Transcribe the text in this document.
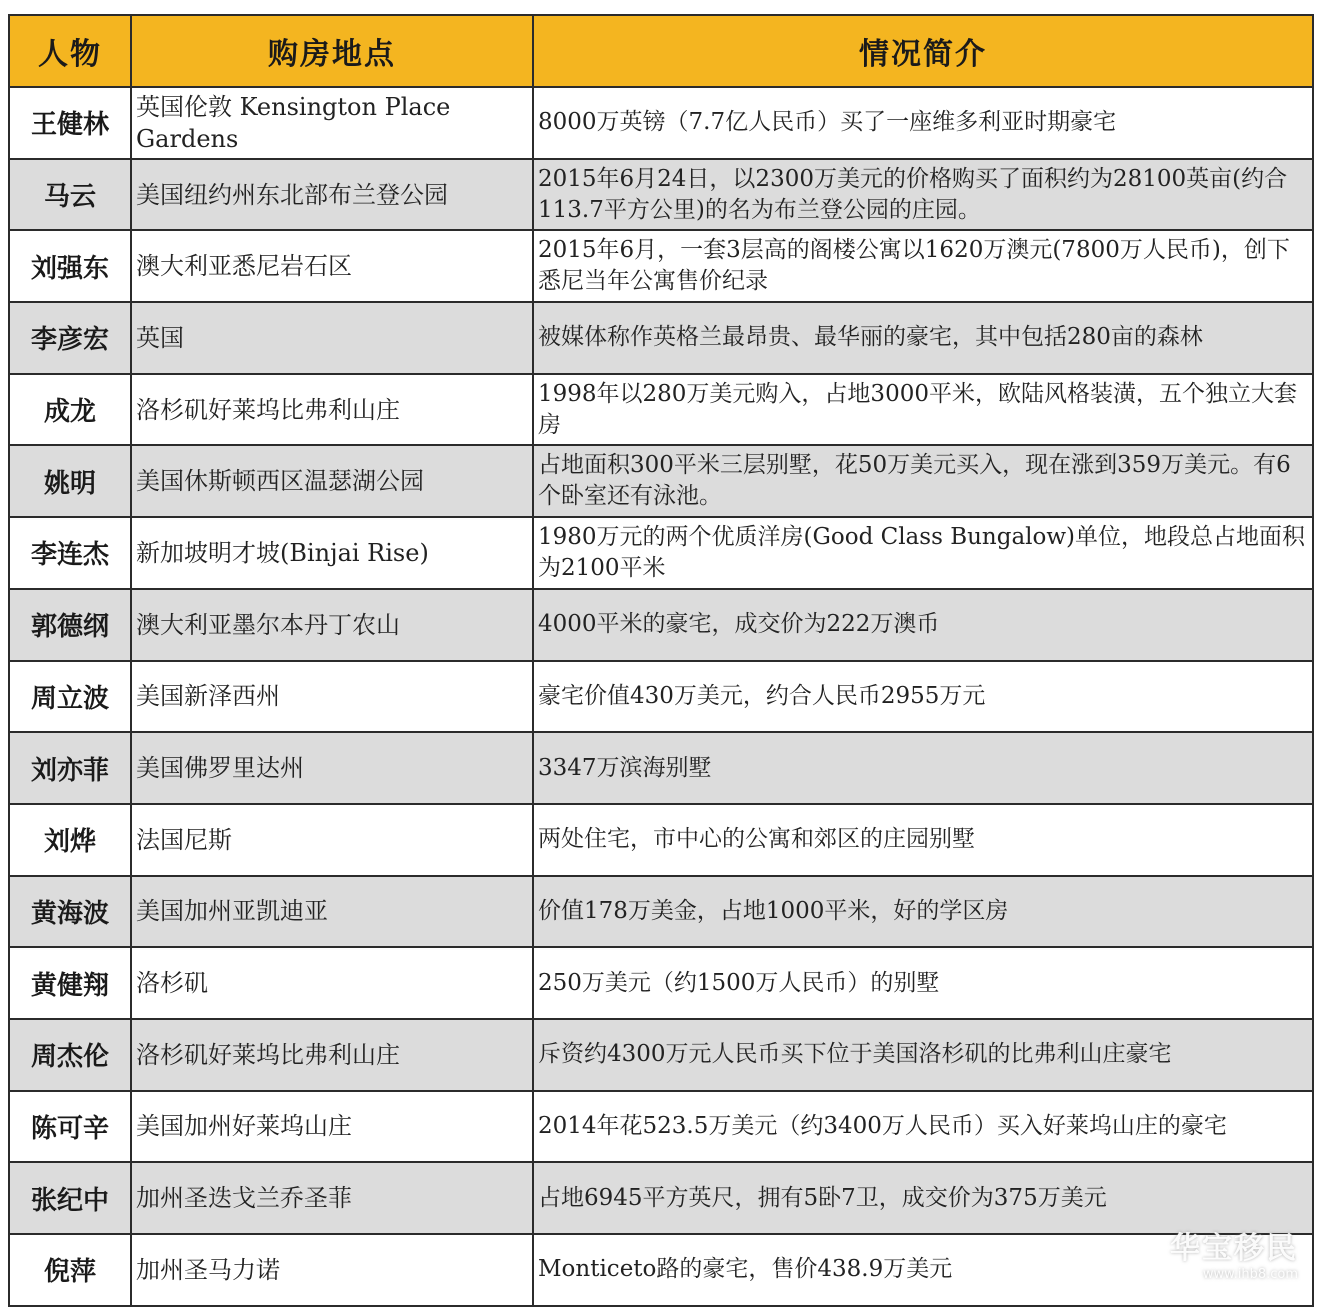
人物	购房地点	情况简介
王健林	英国伦敦 Kensington Place Gardens	8000万英镑（7.7亿人民币）买了一座维多利亚时期豪宅
马云	美国纽约州东北部布兰登公园	2015年6月24日，以2300万美元的价格购买了面积约为28100英亩(约合113.7平方公里)的名为布兰登公园的庄园。
刘强东	澳大利亚悉尼岩石区	2015年6月，一套3层高的阁楼公寓以1620万澳元(7800万人民币)，创下悉尼当年公寓售价纪录
李彦宏	英国	被媒体称作英格兰最昂贵、最华丽的豪宅，其中包括280亩的森林
成龙	洛杉矶好莱坞比弗利山庄	1998年以280万美元购入，占地3000平米，欧陆风格装潢，五个独立大套房
姚明	美国休斯顿西区温瑟湖公园	占地面积300平米三层别墅，花50万美元买入，现在涨到359万美元。有6个卧室还有泳池。
李连杰	新加坡明才坡(Binjai Rise)	1980万元的两个优质洋房(Good Class Bungalow)单位，地段总占地面积为2100平米
郭德纲	澳大利亚墨尔本丹丁农山	4000平米的豪宅，成交价为222万澳币
周立波	美国新泽西州	豪宅价值430万美元，约合人民币2955万元
刘亦菲	美国佛罗里达州	3347万滨海别墅
刘烨	法国尼斯	两处住宅，市中心的公寓和郊区的庄园别墅
黄海波	美国加州亚凯迪亚	价值178万美金，占地1000平米，好的学区房
黄健翔	洛杉矶	250万美元（约1500万人民币）的别墅
周杰伦	洛杉矶好莱坞比弗利山庄	斥资约4300万元人民币买下位于美国洛杉矶的比弗利山庄豪宅
陈可辛	美国加州好莱坞山庄	2014年花523.5万美元（约3400万人民币）买入好莱坞山庄的豪宅
张纪中	加州圣迭戈兰乔圣菲	占地6945平方英尺，拥有5卧7卫，成交价为375万美元
倪萍	加州圣马力诺	Monticeto路的豪宅，售价438.9万美元
华宝移民
www.ihb8.com
